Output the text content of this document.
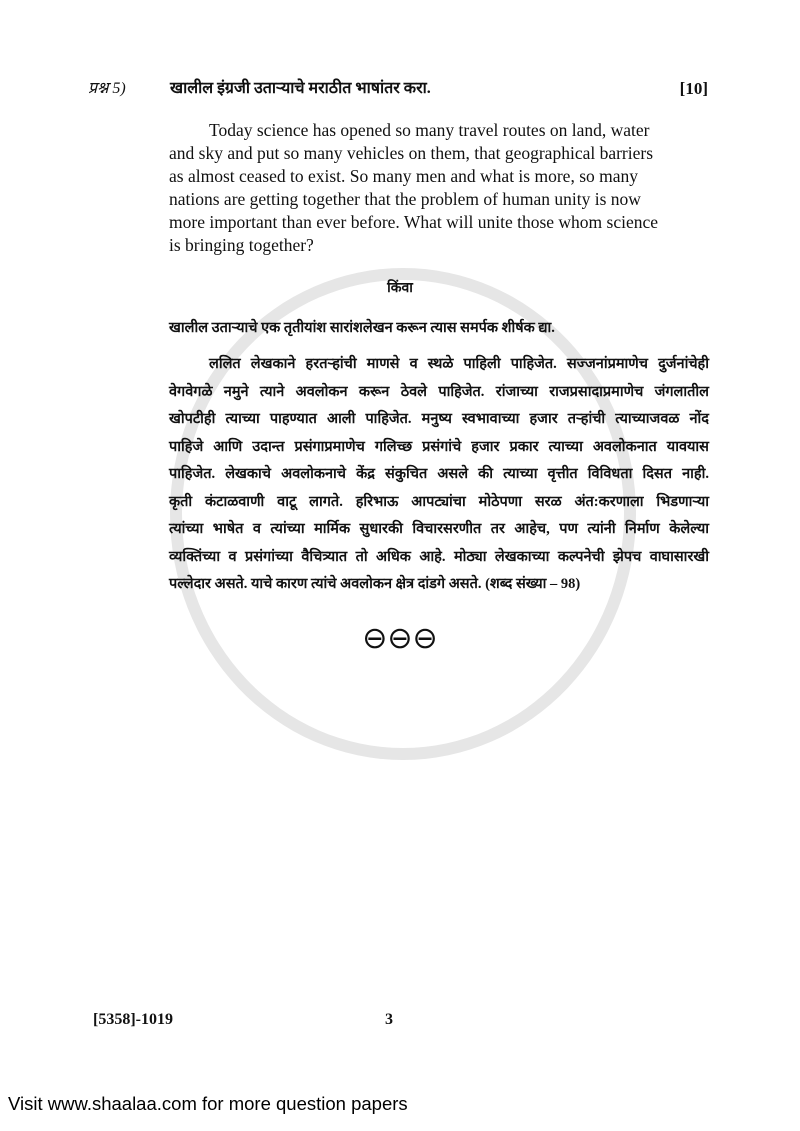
प्रश्न 5)	खालील इंग्रजी उताऱ्याचे मराठीत भाषांतर करा.	[10]
Today science has opened so many travel routes on land, water
and sky and put so many vehicles on them, that geographical barriers
as almost ceased to exist. So many men and what is more, so many
nations are getting together that the problem of human unity is now
more important than ever before. What will unite those whom science
is bringing together?
किंवा
खालील उताऱ्याचे एक तृतीयांश सारांशलेखन करून त्यास समर्पक शीर्षक द्या.
ललित लेखकाने हरतऱ्हांची माणसे व स्थळे पाहिली पाहिजेत. सज्जनांप्रमाणेच दुर्जनांचेही
वेगवेगळे नमुने त्याने अवलोकन करून ठेवले पाहिजेत. रांजाच्या राजप्रसादाप्रमाणेच जंगलातील
खोपटीही त्याच्या पाहण्यात आली पाहिजेत. मनुष्य स्वभावाच्या हजार तऱ्हांची त्याच्याजवळ नोंद
पाहिजे आणि उदान्त प्रसंगाप्रमाणेच गलिच्छ प्रसंगांचे हजार प्रकार त्याच्या अवलोकनात यावयास
पाहिजेत. लेखकाचे अवलोकनाचे केंद्र संकुचित असले की त्याच्या वृत्तीत विविधता दिसत नाही.
कृती कंटाळवाणी वाटू लागते. हरिभाऊ आपट्यांचा मोठेपणा सरळ अंत:करणाला भिडणाऱ्या
त्यांच्या भाषेत व त्यांच्या मार्मिक सुधारकी विचारसरणीत तर आहेच, पण त्यांनी निर्माण केलेल्या
व्यक्तिंच्या व प्रसंगांच्या वैचित्र्यात तो अधिक आहे. मोठ्या लेखकाच्या कल्पनेची झेपच वाघासारखी
पल्लेदार असते. याचे कारण त्यांचे अवलोकन क्षेत्र दांडगे असते. (शब्द संख्या – 98)
⊖⊖⊖
[5358]-1019	3
Visit www.shaalaa.com for more question papers
